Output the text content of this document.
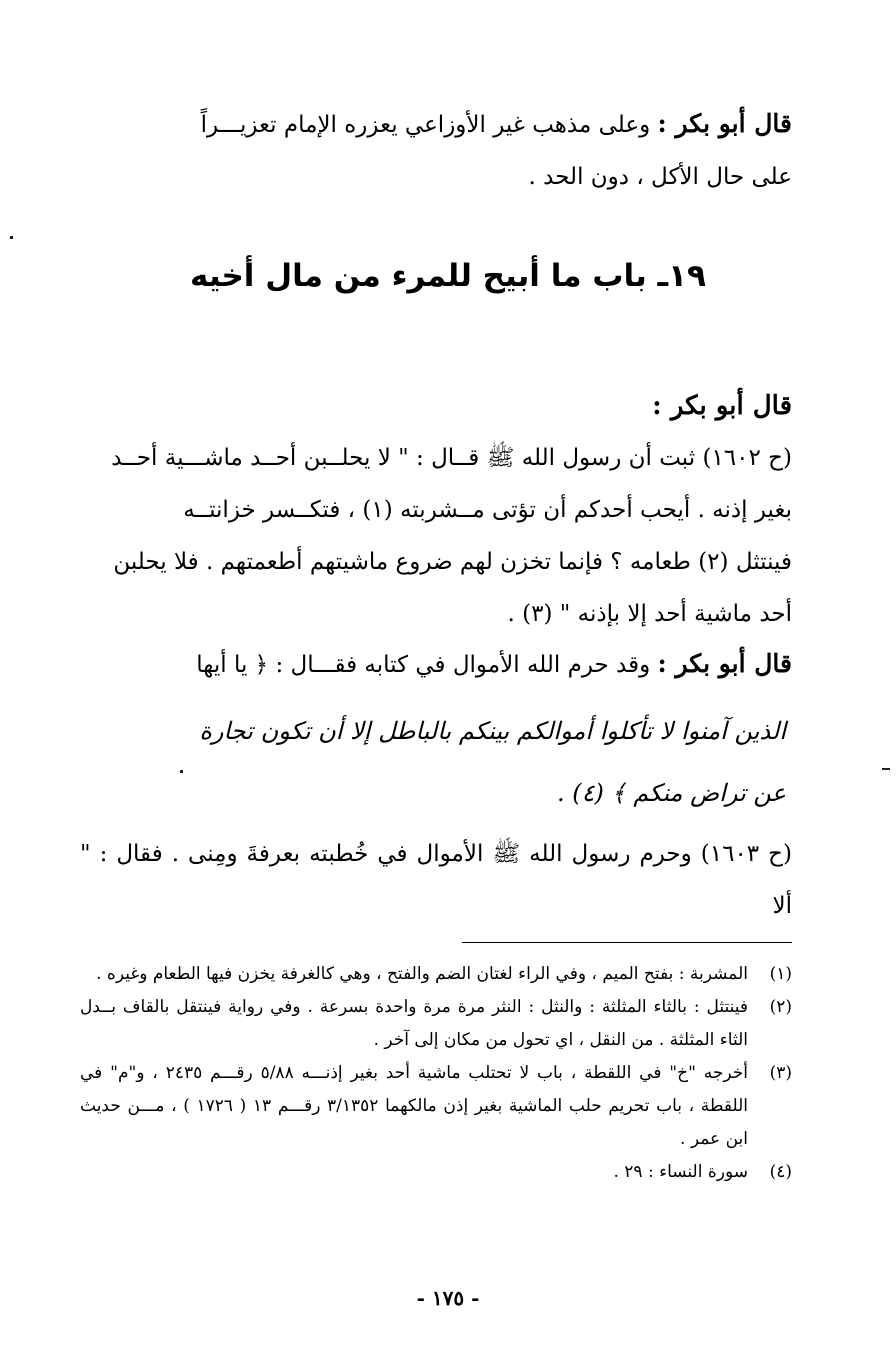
قال أبو بكر : وعلى مذهب غير الأوزاعي يعزره الإمام تعزيـــراً
على حال الأكل ، دون الحد .
١٩ـ باب ما أبيح للمرء من مال أخيه
قال أبو بكر :
(ح ١٦٠٢) ثبت أن رسول الله ﷺ قــال : " لا يحلــبن أحــد ماشـــية أحــد
بغير إذنه . أيحب أحدكم أن تؤتى مــشربته (١) ، فتكــسر خزانتــه
فينتثل (٢) طعامه ؟ فإنما تخزن لهم ضروع ماشيتهم أطعمتهم . فلا يحلبن
أحد ماشية أحد إلا بإذنه " (٣) .
قال أبو بكر : وقد حرم الله الأموال في كتابه فقـــال : ﴿ يا أيها
الذين آمنوا لا تأكلوا أموالكم بينكم بالباطل إلا أن تكون تجارة
عن تراض منكم ﴾ (٤) .
(ح ١٦٠٣) وحرم رسول الله ﷺ الأموال في خُطبته بعرفةَ ومِنى . فقال : " ألا
(١)
المشربة : بفتح الميم ، وفي الراء لغتان الضم والفتح ، وهي كالغرفة يخزن فيها الطعام وغيره .
(٢)
فينتثل : بالثاء المثلثة : والنثل : النثر مرة مرة واحدة بسرعة . وفي رواية فينتقل بالقاف بــدل الثاء المثلثة . من النقل ، اي تحول من مكان إلى آخر .
(٣)
أخرجه "خ" في اللقطة ، باب لا تحتلب ماشية أحد بغير إذنـــه ٥/٨٨ رقـــم ٢٤٣٥ ، و"م" في اللقطة ، باب تحريم حلب الماشية بغير إذن مالكهما ٣/١٣٥٢ رقـــم ١٣ ( ١٧٢٦ ) ، مـــن حديث ابن عمر .
(٤)
سورة النساء : ٢٩ .
- ١٧٥ -
